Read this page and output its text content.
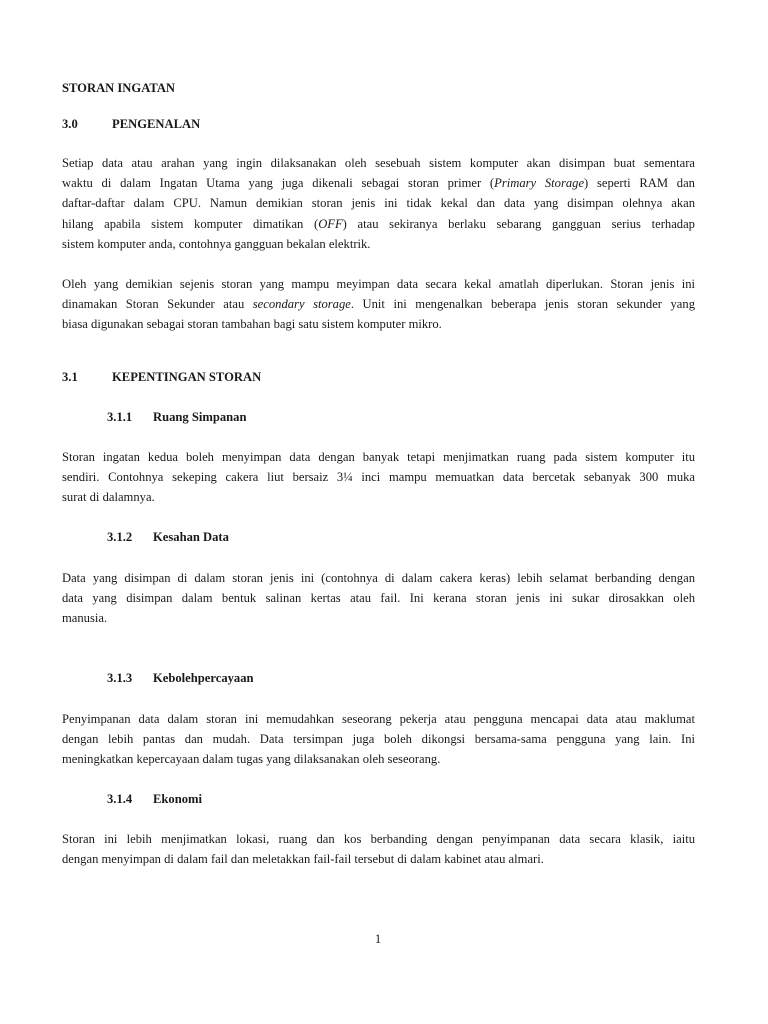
STORAN INGATAN
3.0	PENGENALAN
Setiap data atau arahan yang ingin dilaksanakan oleh sesebuah sistem komputer akan disimpan buat sementara
waktu di dalam Ingatan Utama yang juga dikenali sebagai storan primer (Primary Storage) seperti RAM dan
daftar-daftar dalam CPU. Namun demikian storan jenis ini tidak kekal dan data yang disimpan olehnya akan
hilang apabila sistem komputer dimatikan (OFF) atau sekiranya berlaku sebarang gangguan serius terhadap
sistem komputer anda, contohnya gangguan bekalan elektrik.
Oleh yang demikian sejenis storan yang mampu meyimpan data secara kekal amatlah diperlukan. Storan jenis ini
dinamakan Storan Sekunder atau secondary storage. Unit ini mengenalkan beberapa jenis storan sekunder yang
biasa digunakan sebagai storan tambahan bagi satu sistem komputer mikro.
3.1	KEPENTINGAN STORAN
3.1.1 Ruang Simpanan
Storan ingatan kedua boleh menyimpan data dengan banyak tetapi menjimatkan ruang pada sistem komputer itu
sendiri. Contohnya sekeping cakera liut bersaiz 3¼ inci mampu memuatkan data bercetak sebanyak 300 muka
surat di dalamnya.
3.1.2 Kesahan Data
Data yang disimpan di dalam storan jenis ini (contohnya di dalam cakera keras) lebih selamat berbanding dengan
data yang disimpan dalam bentuk salinan kertas atau fail. Ini kerana storan jenis ini sukar dirosakkan oleh
manusia.
3.1.3 Kebolehpercayaan
Penyimpanan data dalam storan ini memudahkan seseorang pekerja atau pengguna mencapai data atau maklumat
dengan lebih pantas dan mudah. Data tersimpan juga boleh dikongsi bersama-sama pengguna yang lain. Ini
meningkatkan kepercayaan dalam tugas yang dilaksanakan oleh seseorang.
3.1.4 Ekonomi
Storan ini lebih menjimatkan lokasi, ruang dan kos berbanding dengan penyimpanan data secara klasik, iaitu
dengan menyimpan di dalam fail dan meletakkan fail-fail tersebut di dalam kabinet atau almari.
1
